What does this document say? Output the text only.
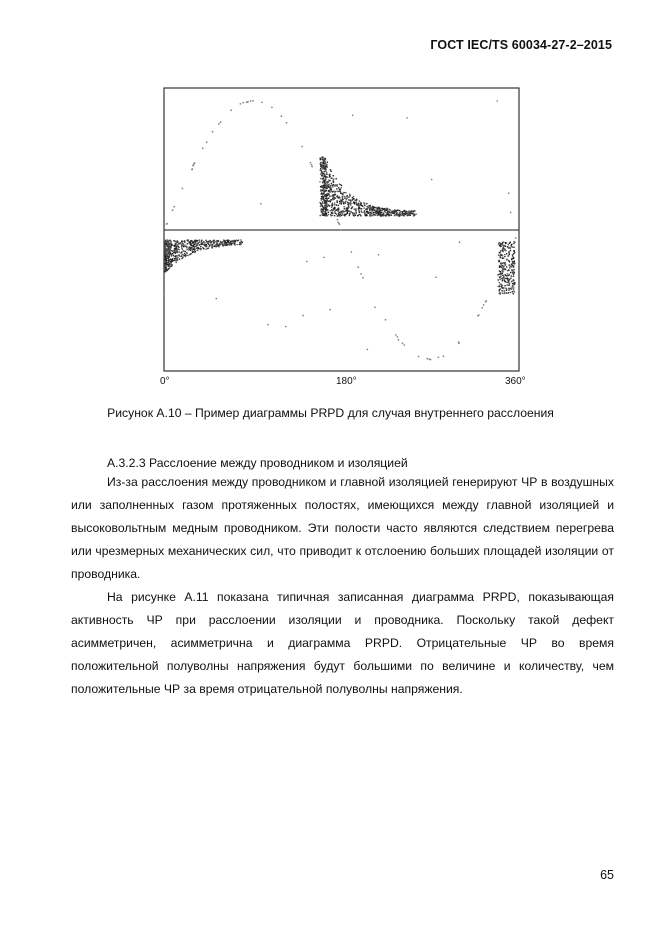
ГОСТ IEC/TS 60034-27-2–2015
0°	180°	360°
Рисунок А.10 – Пример диаграммы PRPD для случая внутреннего расслоения
А.3.2.3 Расслоение между проводником и изоляцией

Из-за расслоения между проводником и главной изоляцией генерируют ЧР в воздушных или заполненных газом протяженных полостях, имеющихся между главной изоляцией и высоковольтным медным проводником. Эти полости часто являются следствием перегрева или чрезмерных механических сил, что приводит к отслоению больших площадей изоляции от проводника.

На рисунке А.11 показана типичная записанная диаграмма PRPD, показывающая активность ЧР при расслоении изоляции и проводника. Поскольку такой дефект асимметричен, асимметрична и диаграмма PRPD. Отрицательные ЧР во время положительной полуволны напряжения будут большими по величине и количеству, чем положительные ЧР за время отрицательной полуволны напряжения.

65
